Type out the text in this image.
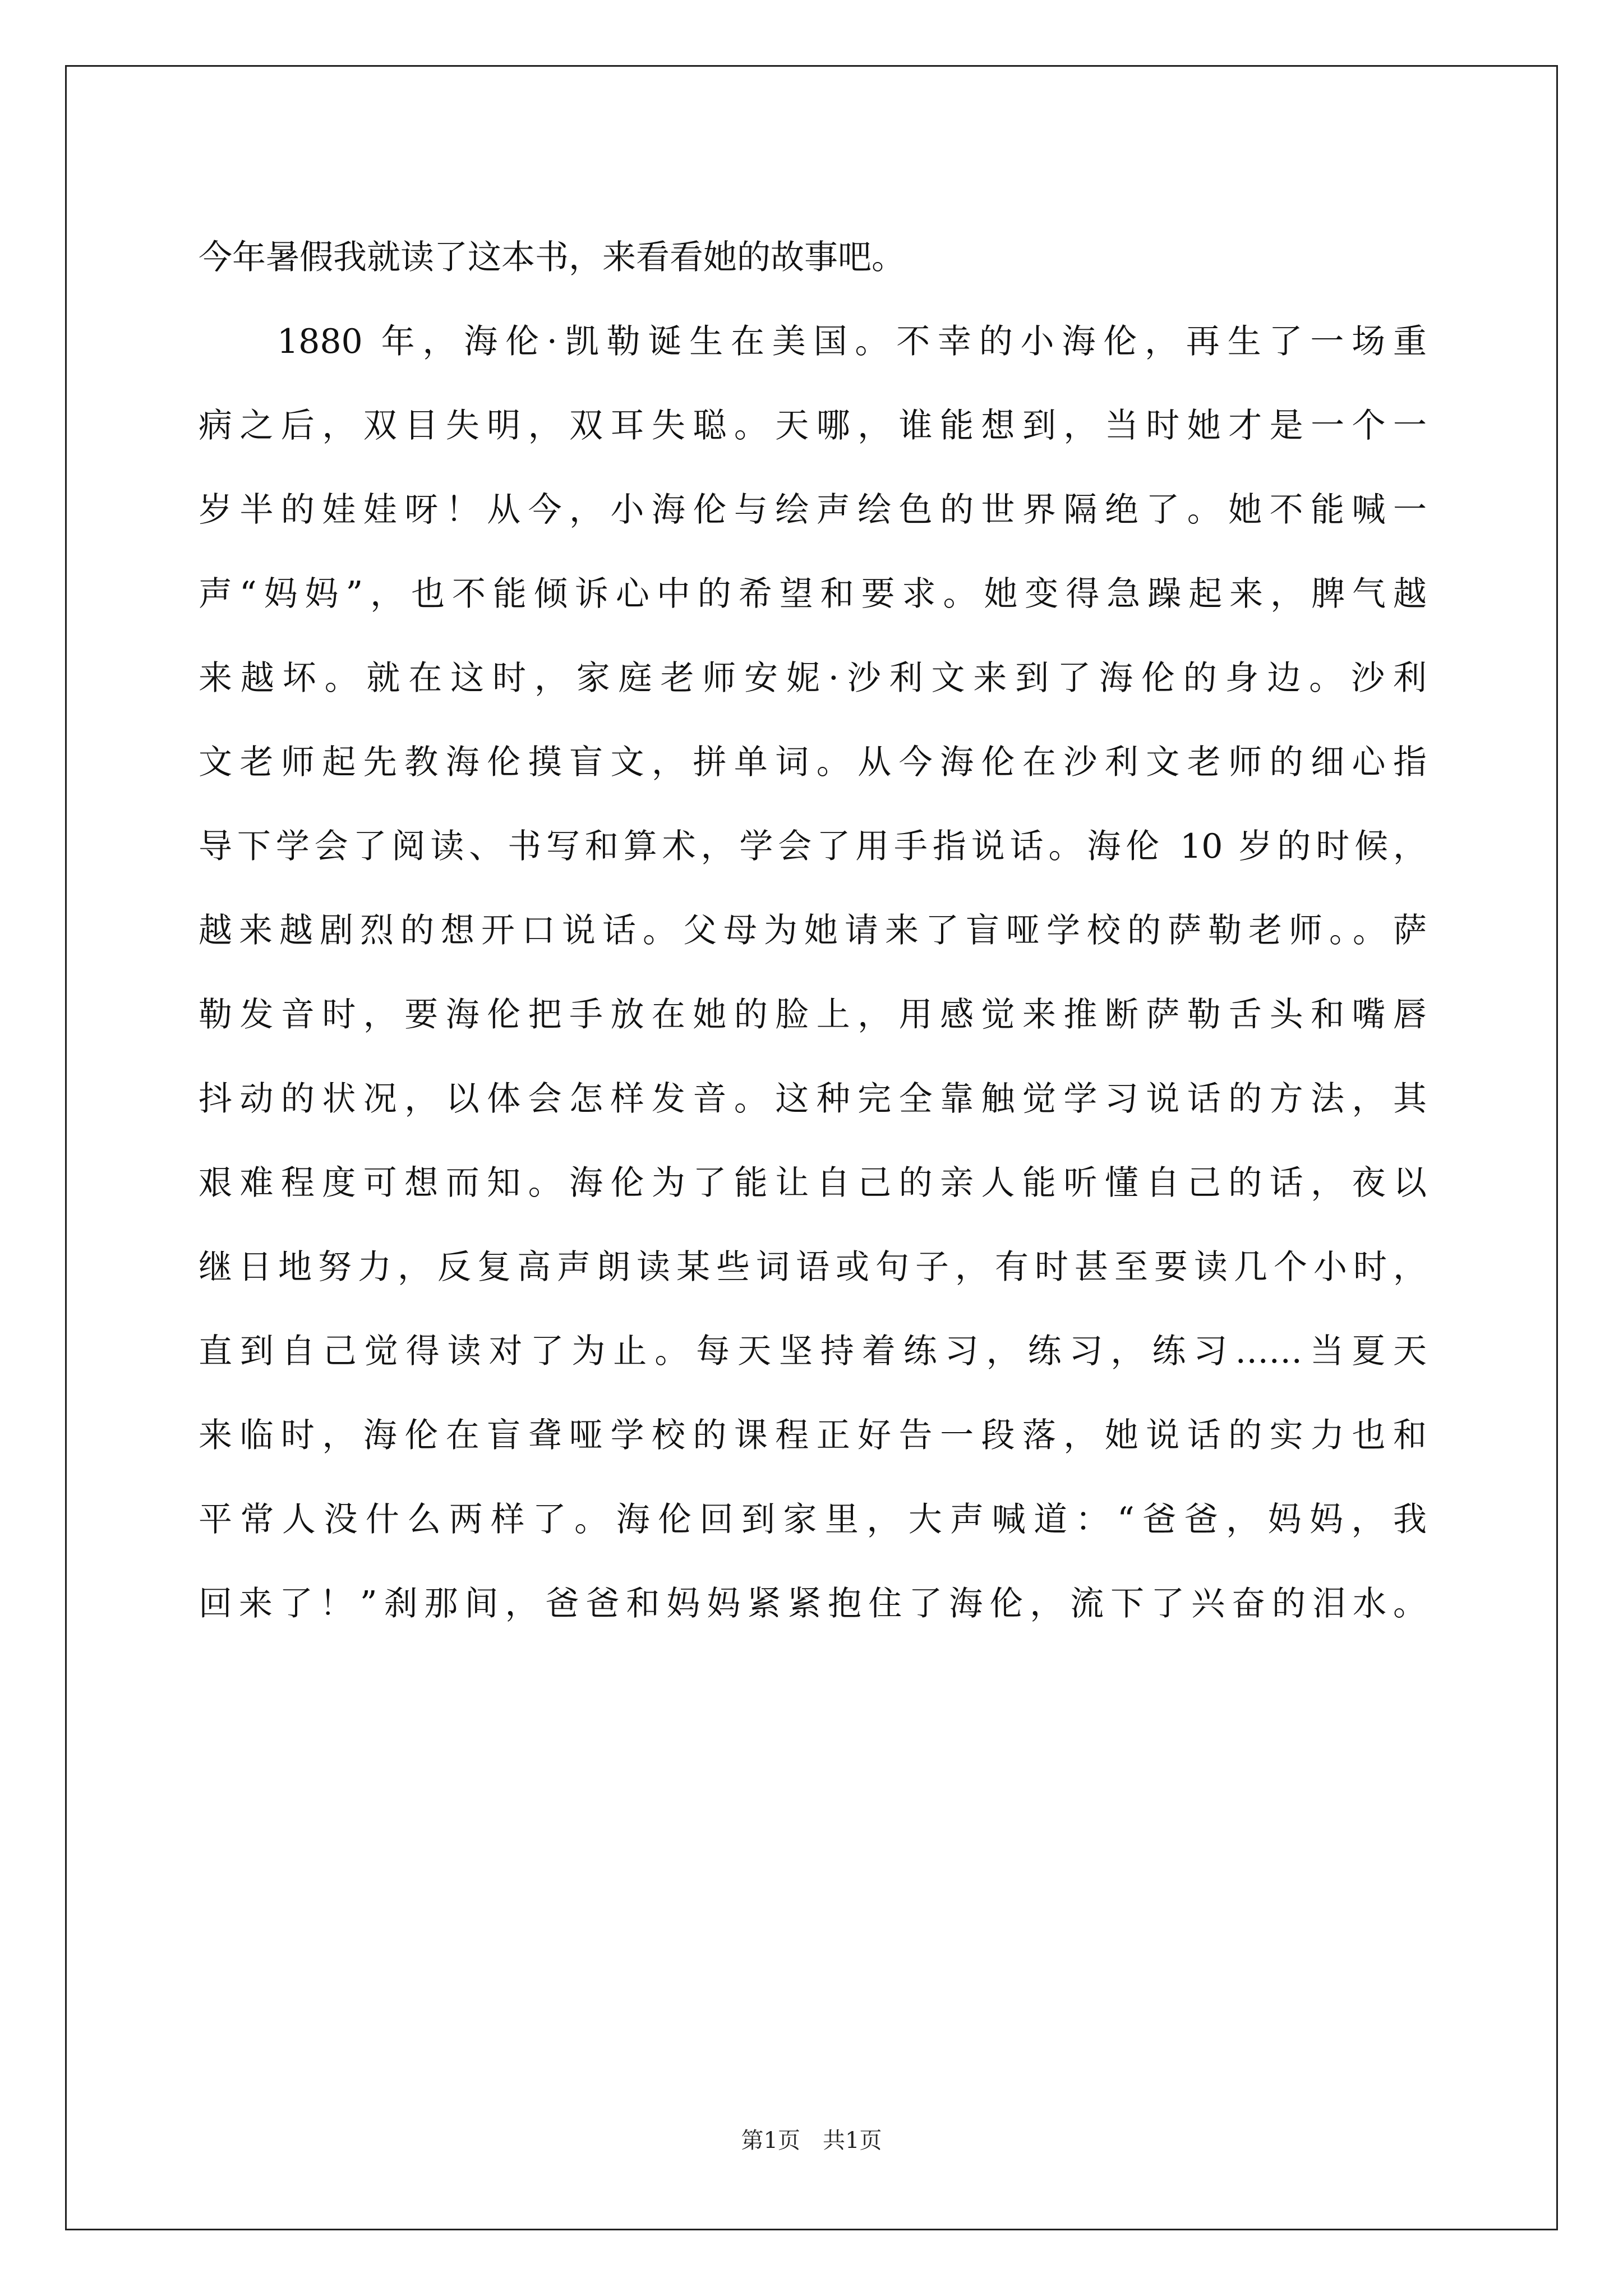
今年暑假我就读了这本书，来看看她的故事吧。
1880 年，海伦·凯勒诞生在美国。不幸的小海伦，再生了一场重
病之后，双目失明，双耳失聪。天哪，谁能想到，当时她才是一个一
岁半的娃娃呀！从今，小海伦与绘声绘色的世界隔绝了。她不能喊一
声“妈妈”，也不能倾诉心中的希望和要求。她变得急躁起来，脾气越
来越坏。就在这时，家庭老师安妮·沙利文来到了海伦的身边。沙利
文老师起先教海伦摸盲文，拼单词。从今海伦在沙利文老师的细心指
导下学会了阅读、书写和算术，学会了用手指说话。海伦 10 岁的时候，
越来越剧烈的想开口说话。父母为她请来了盲哑学校的萨勒老师。。萨
勒发音时，要海伦把手放在她的脸上，用感觉来推断萨勒舌头和嘴唇
抖动的状况，以体会怎样发音。这种完全靠触觉学习说话的方法，其
艰难程度可想而知。海伦为了能让自己的亲人能听懂自己的话，夜以
继日地努力，反复高声朗读某些词语或句子，有时甚至要读几个小时，
直到自己觉得读对了为止。每天坚持着练习，练习，练习……当夏天
来临时，海伦在盲聋哑学校的课程正好告一段落，她说话的实力也和
平常人没什么两样了。海伦回到家里，大声喊道：“爸爸，妈妈，我
回来了！”刹那间，爸爸和妈妈紧紧抱住了海伦，流下了兴奋的泪水。
第1页 共1页
